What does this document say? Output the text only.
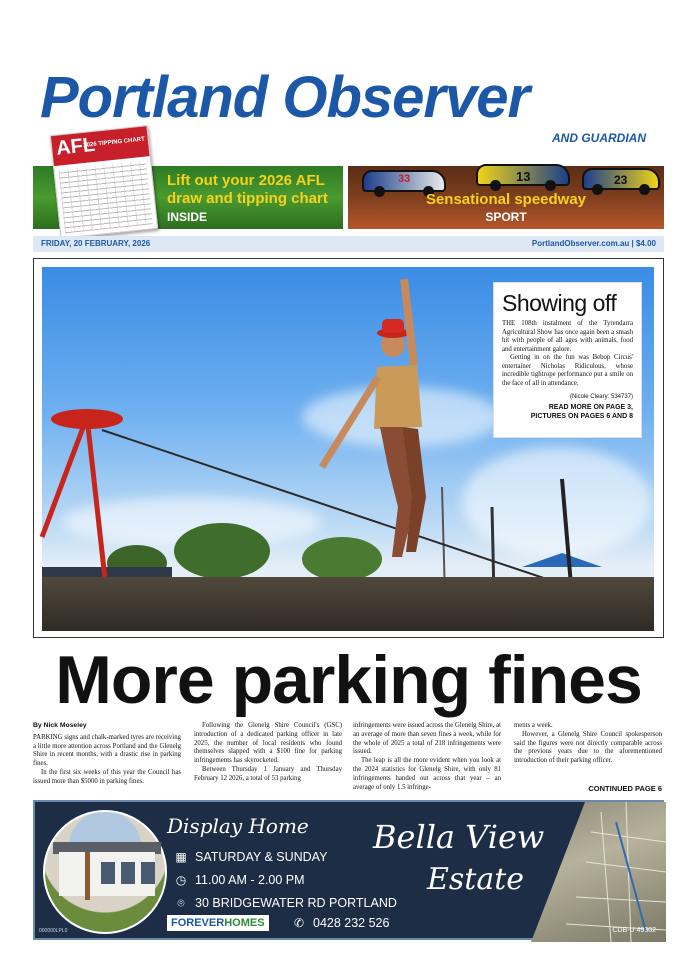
Portland Observer
AND GUARDIAN
AFL
2026 TIPPING CHART
Lift out your 2026 AFL
draw and tipping chart
INSIDE
13	23
33
Sensational speedway
SPORT
FRIDAY, 20 FEBRUARY, 2026	PortlandObserver.com.au | $4.00
Showing off

THE 108th instalment of the Tyrendarra Agricultural Show has once again been a smash hit with people of all ages with animals, food and entertainment galore.

Getting in on the fun was Bebop Circus' entertainer Nicholas Ridiculous, whose incredible tightrope performance put a smile on the face of all in attendance.

(Nicole Cleary: 534737)
READ MORE ON PAGE 3,
PICTURES ON PAGES 6 AND 8
More parking fines
By Nick Moseley

PARKING signs and chalk-marked tyres are receiving a little more attention across Portland and the Glenelg Shire in recent months, with a drastic rise in parking fines.

In the first six weeks of this year the Council has issued more than $5000 in parking fines.

Following the Glenelg Shire Council's (GSC) introduction of a dedicated parking officer in late 2025, the number of local residents who found themselves slapped with a $100 fine for parking infringements has skyrocketed.

Between Thursday 1 January and Thursday February 12 2026, a total of 53 parking

infringements were issued across the Glenelg Shire, at an average of more than seven fines a week, while for the whole of 2025 a total of 218 infringements were issued.

The leap is all the more evident when you look at the 2024 statistics for Glenelg Shire, with only 81 infringements handed out across that year – an average of only 1.5 infringe-

ments a week.

However, a Glenelg Shire Council spokesperson said the figures were not directly comparable across the previous years due to the aforementioned introduction of their parking officer.

CONTINUED PAGE 6
Display Home
▦ SATURDAY & SUNDAY
◷ 11.00 AM - 2.00 PM
⌾ 30 BRIDGEWATER RD PORTLAND
FOREVERHOMES	✆ 0428 232 526
Bella View
Estate
000000LPL0	CDB-U 49302
